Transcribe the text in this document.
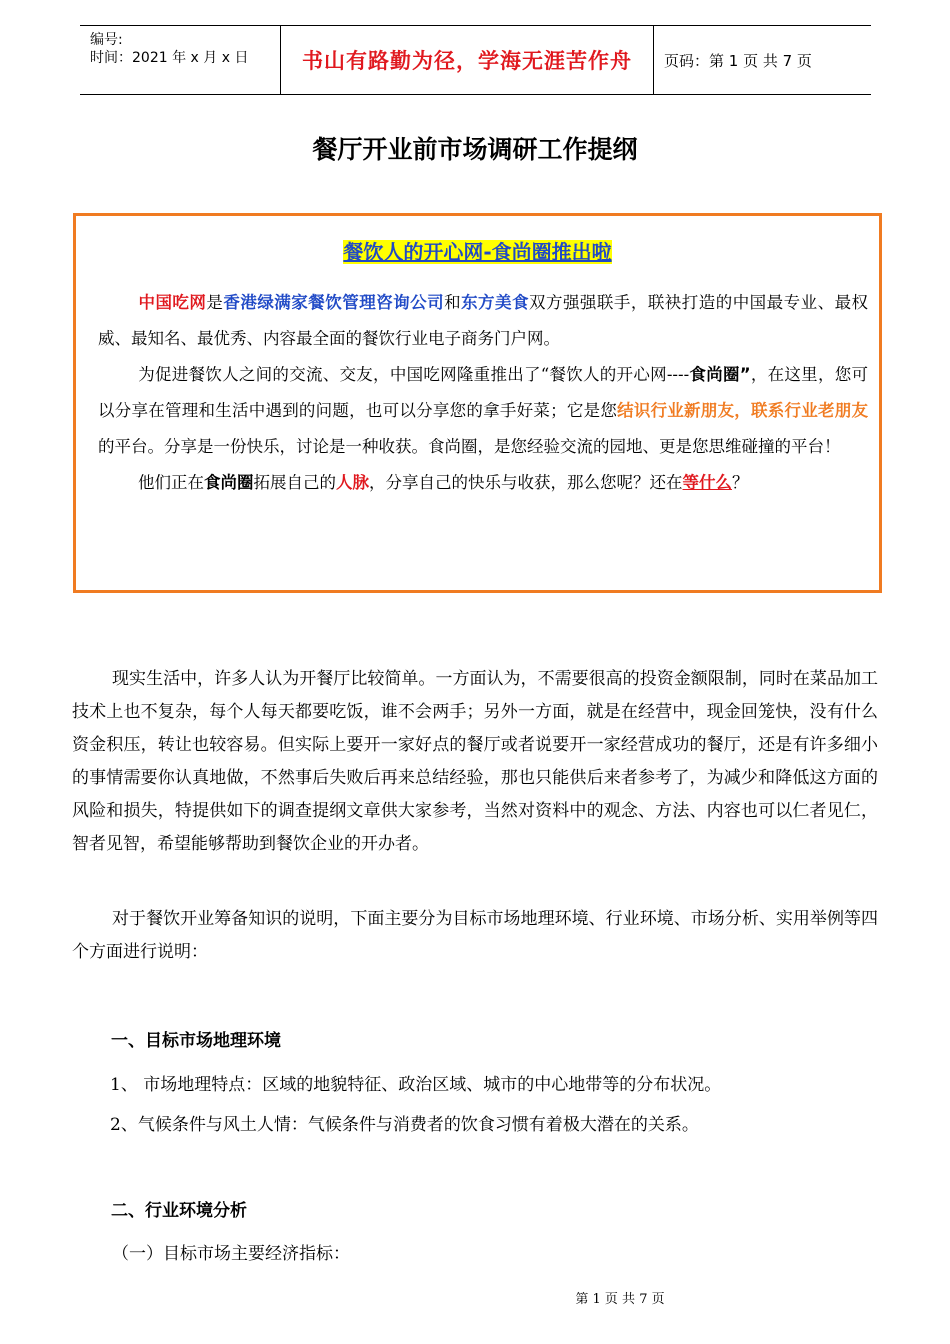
编号:
时间：2021 年 x 月 x 日	书山有路勤为径，学海无涯苦作舟	页码：第 1 页 共 7 页
餐厅开业前市场调研工作提纲
餐饮人的开心网-食尚圈推出啦

中国吃网是香港绿满家餐饮管理咨询公司和东方美食双方强强联手，联袂打造的中国最专业、最权威、最知名、最优秀、内容最全面的餐饮行业电子商务门户网。
为促进餐饮人之间的交流、交友，中国吃网隆重推出了“餐饮人的开心网----食尚圈”，在这里，您可以分享在管理和生活中遇到的问题，也可以分享您的拿手好菜；它是您结识行业新朋友，联系行业老朋友的平台。分享是一份快乐，讨论是一种收获。食尚圈，是您经验交流的园地、更是您思维碰撞的平台！
他们正在食尚圈拓展自己的人脉，分享自己的快乐与收获，那么您呢？还在等什么？

现实生活中，许多人认为开餐厅比较简单。一方面认为，不需要很高的投资金额限制，同时在菜品加工技术上也不复杂，每个人每天都要吃饭，谁不会两手；另外一方面，就是在经营中，现金回笼快，没有什么资金积压，转让也较容易。但实际上要开一家好点的餐厅或者说要开一家经营成功的餐厅，还是有许多细小的事情需要你认真地做，不然事后失败后再来总结经验，那也只能供后来者参考了，为减少和降低这方面的风险和损失，特提供如下的调查提纲文章供大家参考，当然对资料中的观念、方法、内容也可以仁者见仁，智者见智，希望能够帮助到餐饮企业的开办者。

对于餐饮开业筹备知识的说明，下面主要分为目标市场地理环境、行业环境、市场分析、实用举例等四个方面进行说明：

一、目标市场地理环境
1、 市场地理特点：区域的地貌特征、政治区域、城市的中心地带等的分布状况。
2、气候条件与风土人情：气候条件与消费者的饮食习惯有着极大潜在的关系。
二、行业环境分析
（一）目标市场主要经济指标：
第 1 页 共 7 页
